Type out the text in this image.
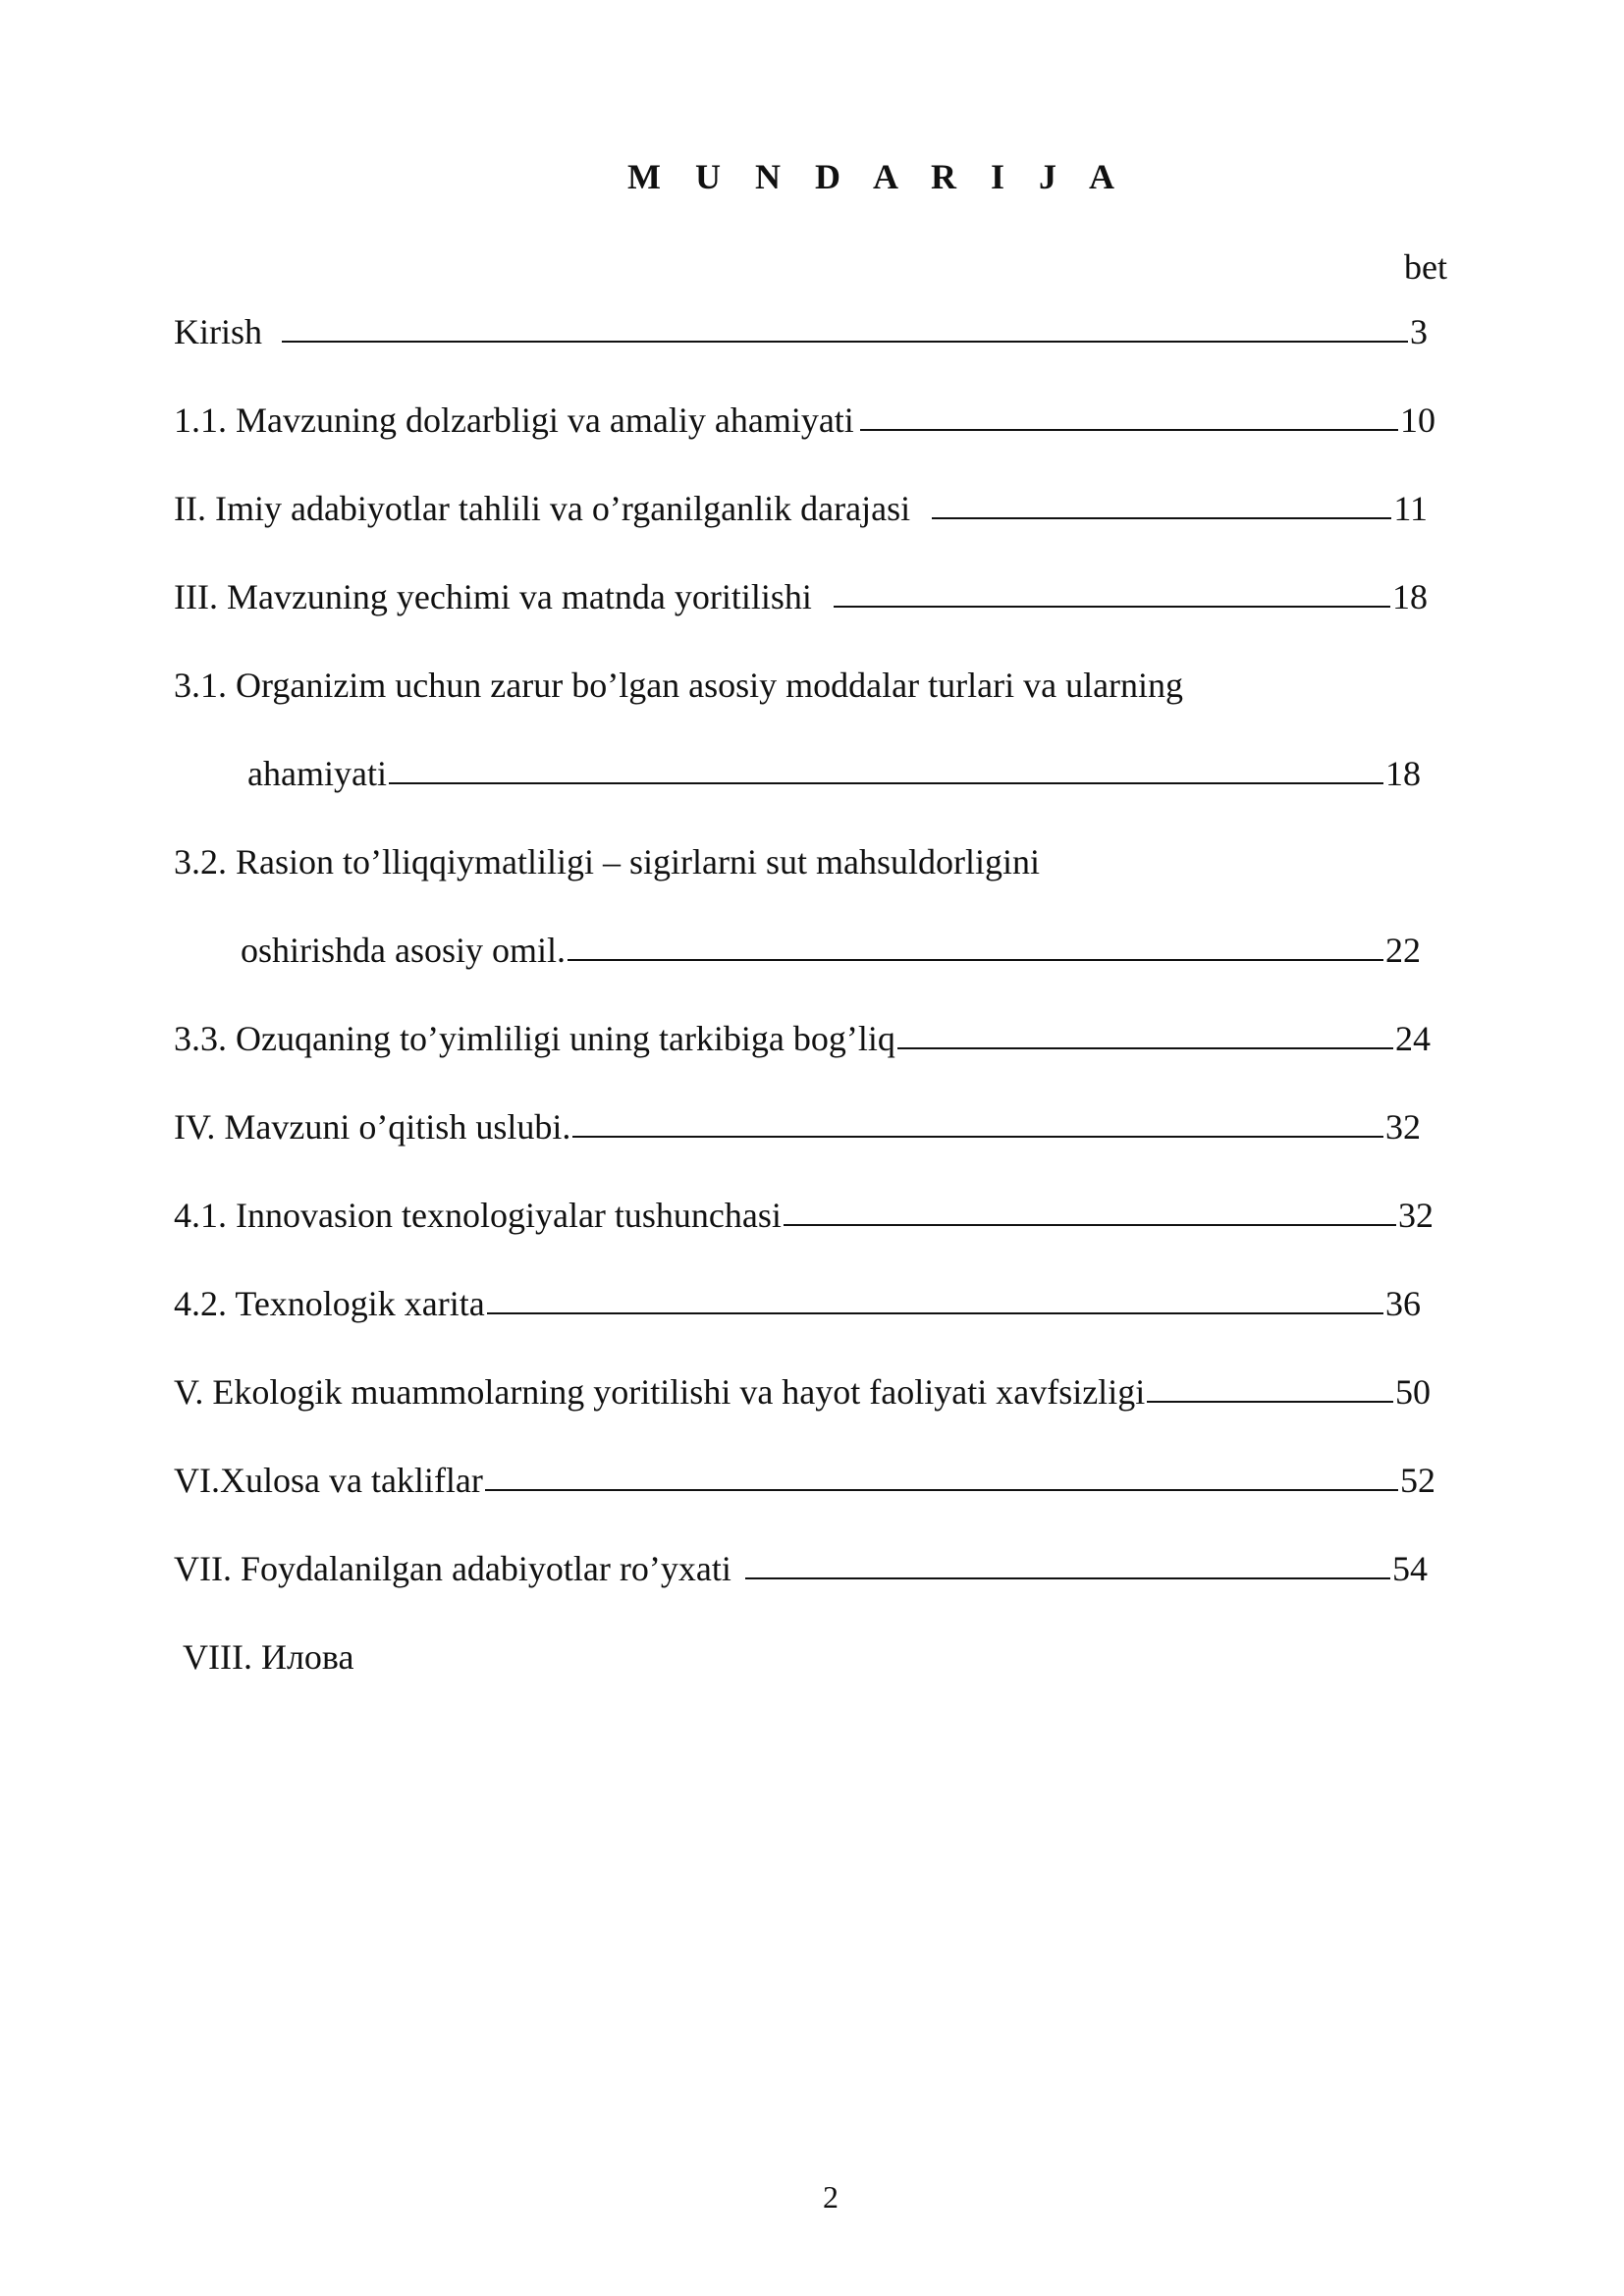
M U N D A R I J A
bet
Kirish	3
1.1. Mavzuning dolzarbligi va amaliy ahamiyati	10
II. Imiy adabiyotlar tahlili va o’rganilganlik darajasi	11
III. Mavzuning yechimi va matnda yoritilishi	18
3.1. Organizim uchun zarur bo’lgan asosiy moddalar turlari va ularning
ahamiyati	18
3.2. Rasion to’lliqqiymatliligi – sigirlarni sut mahsuldorligini
oshirishda asosiy omil.	22
3.3. Ozuqaning to’yimliligi uning tarkibiga bog’liq	24
IV. Mavzuni o’qitish uslubi.	32
4.1. Innovasion texnologiyalar tushunchasi	32
4.2. Texnologik xarita	36
V. Ekologik muammolarning yoritilishi va hayot faoliyati xavfsizligi	50
VI.Xulosa va takliflar	52
VII. Foydalanilgan adabiyotlar ro’yxati	54
VIII. Илова
2
